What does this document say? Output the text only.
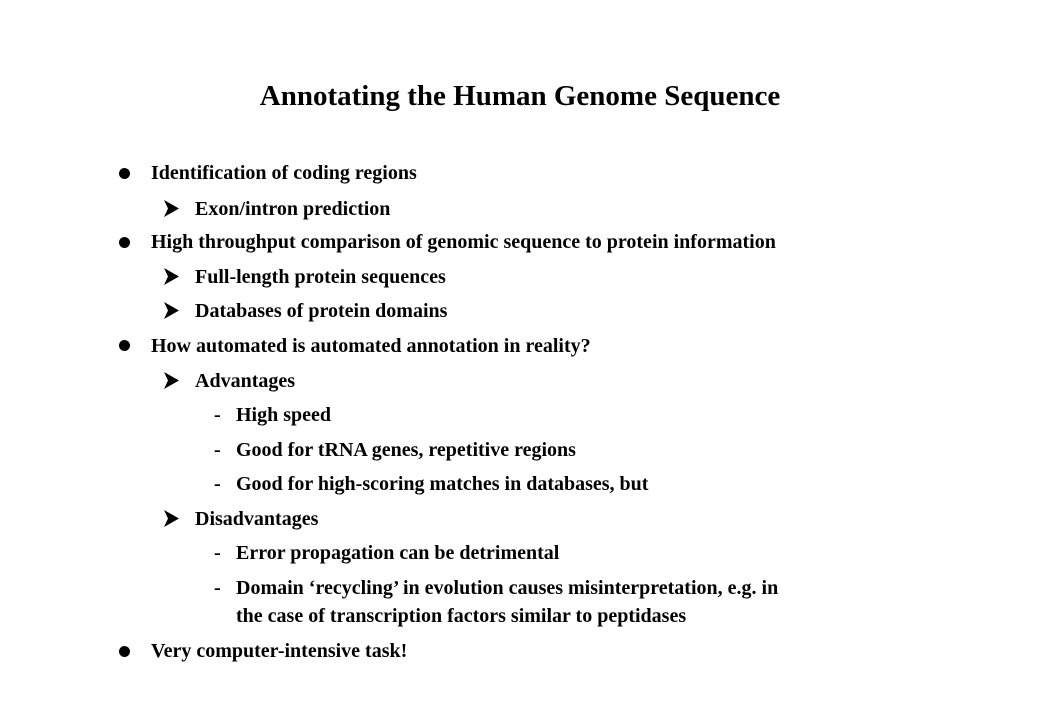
Annotating the Human Genome Sequence
Identification of coding regions
Exon/intron prediction
High throughput comparison of genomic sequence to protein information
Full-length protein sequences
Databases of protein domains
How automated is automated annotation in reality?
Advantages
- High speed
- Good for tRNA genes, repetitive regions
- Good for high-scoring matches in databases, but
Disadvantages
- Error propagation can be detrimental
- Domain ‘recycling’ in evolution causes misinterpretation, e.g. in
the case of transcription factors similar to peptidases
Very computer-intensive task!
